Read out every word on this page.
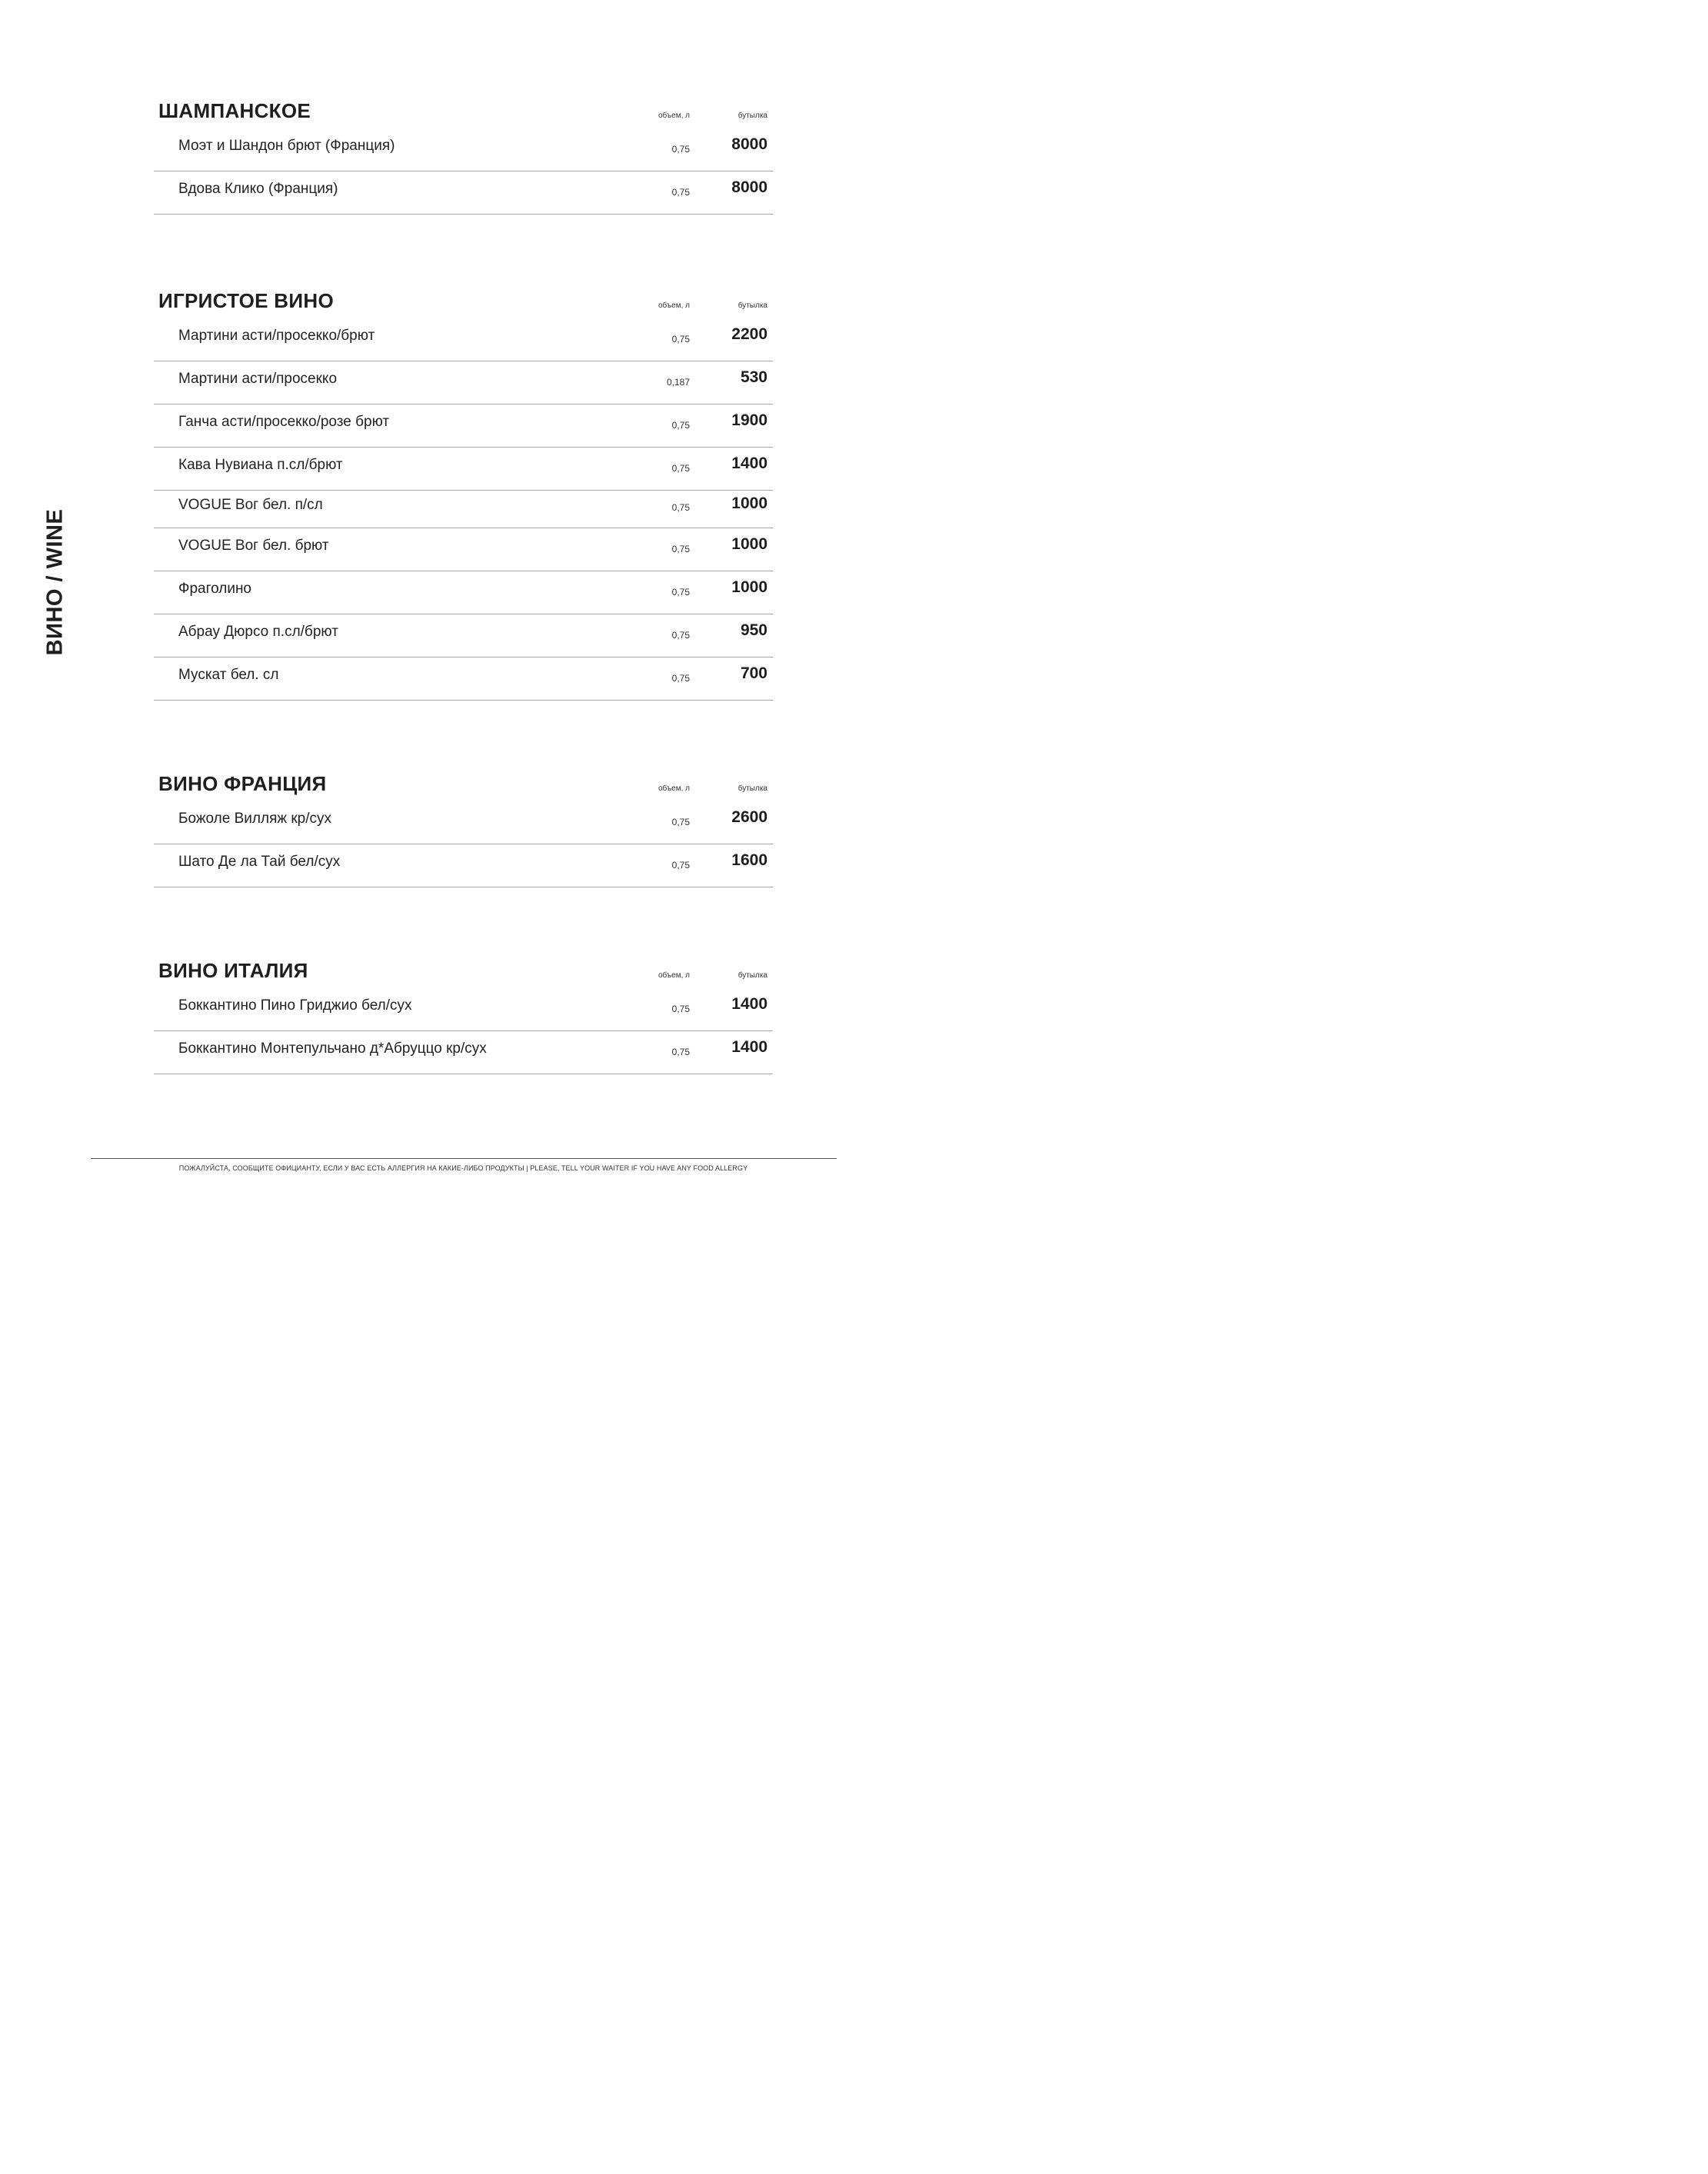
ВИНО / WINE
ШАМПАНСКОЕ	объем, л	бутылка
Моэт и Шандон брют (Франция)	0,75	8000
Вдова Клико (Франция)	0,75	8000
ИГРИСТОЕ ВИНО	объем, л	бутылка
Мартини асти/просекко/брют	0,75	2200
Мартини асти/просекко	0,187	530
Ганча асти/просекко/розе брют	0,75	1900
Кава Нувиана п.сл/брют	0,75	1400
VOGUE Вог бел. п/сл	0,75	1000
VOGUE Вог бел. брют	0,75	1000
Фраголино	0,75	1000
Абрау Дюрсо п.сл/брют	0,75	950
Мускат бел. сл	0,75	700
ВИНО ФРАНЦИЯ	объем, л	бутылка
Божоле Вилляж кр/сух	0,75	2600
Шато Де ла Тай бел/сух	0,75	1600
ВИНО ИТАЛИЯ	объем, л	бутылка
Боккантино Пино Гриджио бел/сух	0,75	1400
Боккантино Монтепульчано д*Абруццо кр/сух	0,75	1400
ПОЖАЛУЙСТА, СООБЩИТЕ ОФИЦИАНТУ, ЕСЛИ У ВАС ЕСТЬ АЛЛЕРГИЯ НА КАКИЕ-ЛИБО ПРОДУКТЫ | PLEASE, TELL YOUR WAITER IF YOU HAVE ANY FOOD ALLERGY
